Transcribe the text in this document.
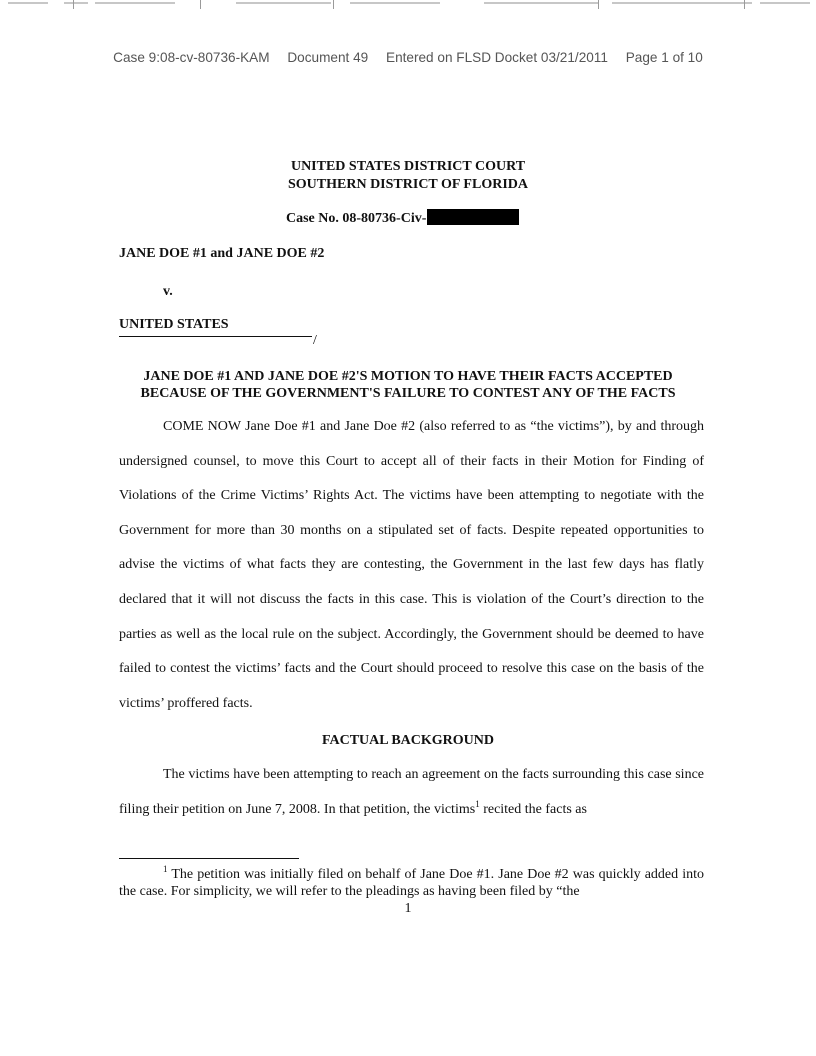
Case 9:08-cv-80736-KAM Document 49 Entered on FLSD Docket 03/21/2011 Page 1 of 10
UNITED STATES DISTRICT COURT
SOUTHERN DISTRICT OF FLORIDA
Case No. 08-80736-Civ-
JANE DOE #1 and JANE DOE #2
v.
UNITED STATES
/
JANE DOE #1 AND JANE DOE #2'S MOTION TO HAVE THEIR FACTS ACCEPTED
BECAUSE OF THE GOVERNMENT'S FAILURE TO CONTEST ANY OF THE FACTS

COME NOW Jane Doe #1 and Jane Doe #2 (also referred to as “the victims”), by and through undersigned counsel, to move this Court to accept all of their facts in their Motion for Finding of Violations of the Crime Victims’ Rights Act. The victims have been attempting to negotiate with the Government for more than 30 months on a stipulated set of facts. Despite repeated opportunities to advise the victims of what facts they are contesting, the Government in the last few days has flatly declared that it will not discuss the facts in this case. This is violation of the Court’s direction to the parties as well as the local rule on the subject. Accordingly, the Government should be deemed to have failed to contest the victims’ facts and the Court should proceed to resolve this case on the basis of the victims’ proffered facts.

FACTUAL BACKGROUND

The victims have been attempting to reach an agreement on the facts surrounding this case since filing their petition on June 7, 2008. In that petition, the victims$^1$ recited the facts as

$^1$ The petition was initially filed on behalf of Jane Doe #1. Jane Doe #2 was quickly added into the case. For simplicity, we will refer to the pleadings as having been filed by “the

1
